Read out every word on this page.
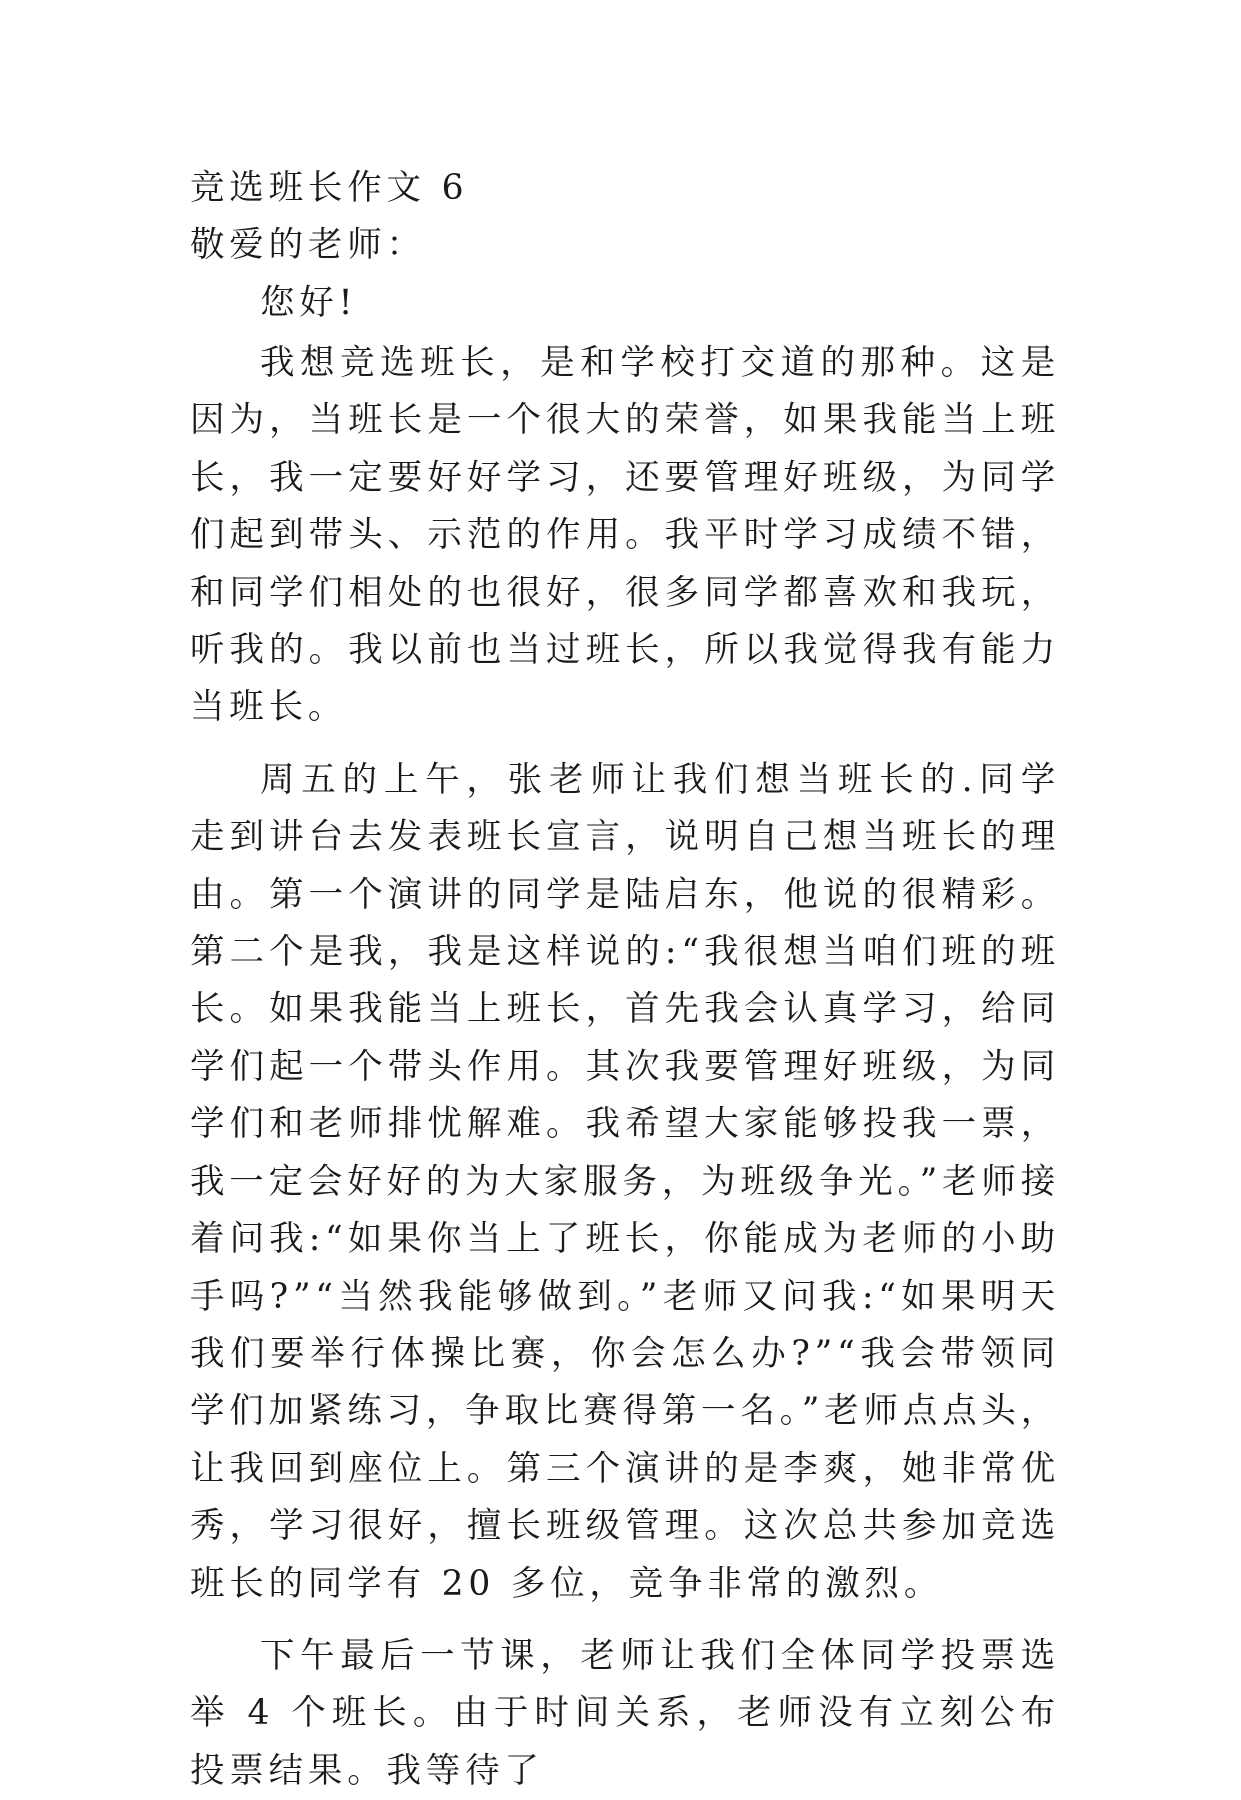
竞选班长作文 6

敬爱的老师：

您好!

我想竞选班长，是和学校打交道的那种。这是因为，当班长是一个很大的荣誉，如果我能当上班长，我一定要好好学习，还要管理好班级，为同学们起到带头、示范的作用。我平时学习成绩不错，和同学们相处的也很好，很多同学都喜欢和我玩，听我的。我以前也当过班长，所以我觉得我有能力当班长。

周五的上午，张老师让我们想当班长的.同学走到讲台去发表班长宣言，说明自己想当班长的理由。第一个演讲的同学是陆启东，他说的很精彩。第二个是我，我是这样说的:“我很想当咱们班的班长。如果我能当上班长，首先我会认真学习，给同学们起一个带头作用。其次我要管理好班级，为同学们和老师排忧解难。我希望大家能够投我一票，我一定会好好的为大家服务，为班级争光。”老师接着问我:“如果你当上了班长，你能成为老师的小助手吗?”“当然我能够做到。”老师又问我:“如果明天我们要举行体操比赛，你会怎么办?”“我会带领同学们加紧练习，争取比赛得第一名。”老师点点头，让我回到座位上。第三个演讲的是李爽，她非常优秀，学习很好，擅长班级管理。这次总共参加竞选班长的同学有 20 多位，竞争非常的激烈。

下午最后一节课，老师让我们全体同学投票选举 4 个班长。由于时间关系，老师没有立刻公布投票结果。我等待了
